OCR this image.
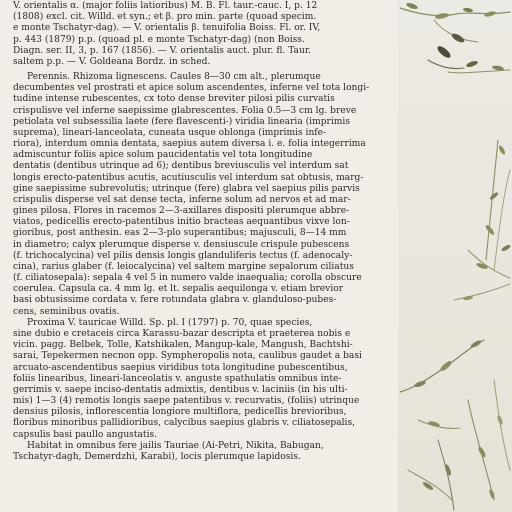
V. orientalis α. (major foliis latioribus) M. B. Fl. taur.-cauc. I, p. 12
(1808) excl. cit. Willd. et syn.; et β. pro min. parte (quoad specim.
e monte Tschatyr-dag). — V. orientalis β. tenuifolia Boiss. Fl. or. IV,
p. 443 (1879) p.p. (quoad pl. e monte Tschatyr-dag) (non Boiss.
Diagn. ser. II, 3, p. 167 (1856). — V. orientalis auct. plur. fl. Taur.
saltem p.p. — V. Goldeana Bordz. in sched.
Perennis. Rhizoma lignescens. Caules 8—30 cm alt., plerumque
decumbentes vel prostrati et apice solum ascendentes, inferne vel tota longi-
tudine intense rubescentes, cx toto dense breviter pilosi pilis curvatis
crispulisve vel inferne saepissime glabrescentes. Folia 0.5—3 cm lg. breve
petiolata vel subsessilia laete (fere flavescenti-) viridia linearia (imprimis
suprema), lineari-lanceolata, cuneata usque oblonga (imprimis infe-
riora), interdum omnia dentata, saepius autem diversa i. e. folia integerrima
admiscuntur foliis apice solum paucidentatis vel tota longitudine
dentatis (dentibus utrinque ad 6); dentibus breviusculis vel interdum sat
longis erecto-patentibus acutis, acutiusculis vel interdum sat obtusis, marg-
gine saepissime subrevolutis; utrinque (fere) glabra vel saepius pilis parvis
crispulis disperse vel sat dense tecta, inferne solum ad nervos et ad mar-
gines pilosa. Flores in racemos 2—3-axillares dispositi plerumque abbre-
viatos, pedicellis erecto-patentibus initio bracteas aequantibus vixve lon-
gioribus, post anthesin. eas 2—3-plo superantibus; majusculi, 8—14 mm
in diametro; calyx plerumque disperse v. densiuscule crispule pubescens
(f. trichocalycina) vel pilis densis longis glanduliferis tectus (f. adenocaly-
cina), rarius glaber (f. leiocalycina) vel saltem margine sepalorum ciliatus
(f. ciliatosepala): sepala 4 vel 5 in numero valde inaequalia; corolla obscure
coerulea. Capsula ca. 4 mm lg. et lt. sepalis aequilonga v. etiam brevior
basi obtusissime cordata v. fere rotundata glabra v. glanduloso-pubes-
cens, seminibus ovatis.
Proxima V. tauricae Willd. Sp. pl. I (1797) p. 70, quae species,
sine dubio e cretaceis circa Karassu-bazar descripta et praeterea nobis e
vicin. pagg. Belbek, Tolle, Katshikalen, Mangup-kale, Mangush, Bachtshi-
sarai, Tepekermen necnon opp. Sympheropolis nota, caulibus gaudet a basi
arcuato-ascendentibus saepius viridibus tota longitudine pubescentibus,
foliis linearibus, lineari-lanceolatis v. anguste spathulatis omnibus inte-
gerrimis v. saepe inciso-dentatis admixtis, dentibus v. laciniis (in his ulti-
mis) 1—3 (4) remotis longis saepe patentibus v. recurvatis, (foliis) utrinque
densius pilosis, inflorescentia longiore multiflora, pedicellis brevioribus,
floribus minoribus pallidioribus, calycibus saepius glabris v. ciliatosepalis,
capsulis basi paullo angustatis.
Habitat in omnibus fere jailis Tauriae (Ai-Petri, Nikita, Babugan,
Tschatyr-dagh, Demerdzhi, Karabi), locis plerumque lapidosis.
